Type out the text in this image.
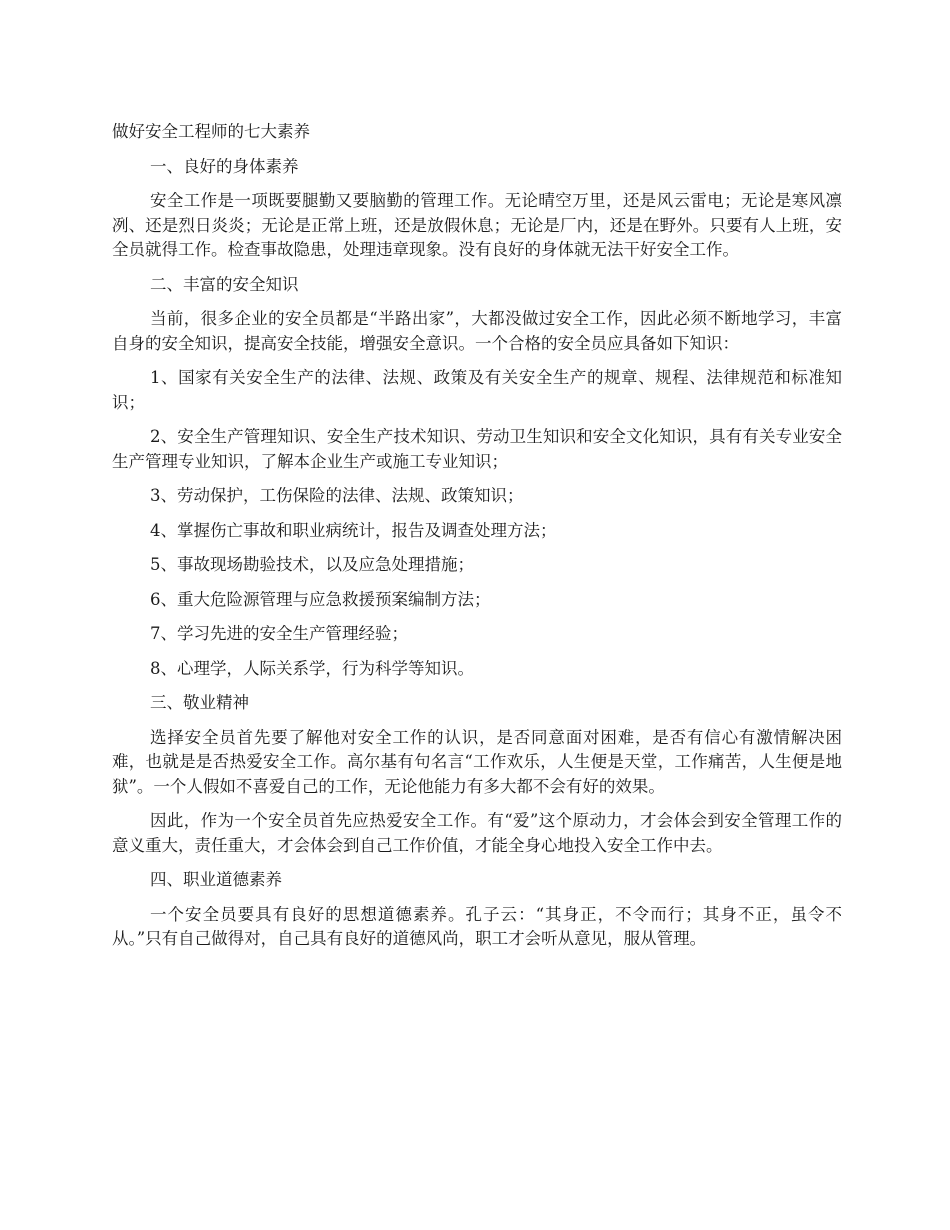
做好安全工程师的七大素养
一、良好的身体素养
安全工作是一项既要腿勤又要脑勤的管理工作。无论晴空万里，还是风云雷电；无论是寒风凛冽、还是烈日炎炎；无论是正常上班，还是放假休息；无论是厂内，还是在野外。只要有人上班，安全员就得工作。检查事故隐患，处理违章现象。没有良好的身体就无法干好安全工作。
二、丰富的安全知识
当前，很多企业的安全员都是“半路出家”，大都没做过安全工作，因此必须不断地学习，丰富自身的安全知识，提高安全技能，增强安全意识。一个合格的安全员应具备如下知识：
1、国家有关安全生产的法律、法规、政策及有关安全生产的规章、规程、法律规范和标准知识；
2、安全生产管理知识、安全生产技术知识、劳动卫生知识和安全文化知识，具有有关专业安全生产管理专业知识，了解本企业生产或施工专业知识；
3、劳动保护，工伤保险的法律、法规、政策知识；
4、掌握伤亡事故和职业病统计，报告及调查处理方法；
5、事故现场勘验技术，以及应急处理措施；
6、重大危险源管理与应急救援预案编制方法；
7、学习先进的安全生产管理经验；
8、心理学，人际关系学，行为科学等知识。
三、敬业精神
选择安全员首先要了解他对安全工作的认识，是否同意面对困难，是否有信心有激情解决困难，也就是是否热爱安全工作。高尔基有句名言“工作欢乐，人生便是天堂，工作痛苦，人生便是地狱”。一个人假如不喜爱自己的工作，无论他能力有多大都不会有好的效果。
因此，作为一个安全员首先应热爱安全工作。有“爱”这个原动力，才会体会到安全管理工作的意义重大，责任重大，才会体会到自己工作价值，才能全身心地投入安全工作中去。
四、职业道德素养
一个安全员要具有良好的思想道德素养。孔子云：“其身正，不令而行；其身不正，虽令不从。”只有自己做得对，自己具有良好的道德风尚，职工才会听从意见，服从管理。
